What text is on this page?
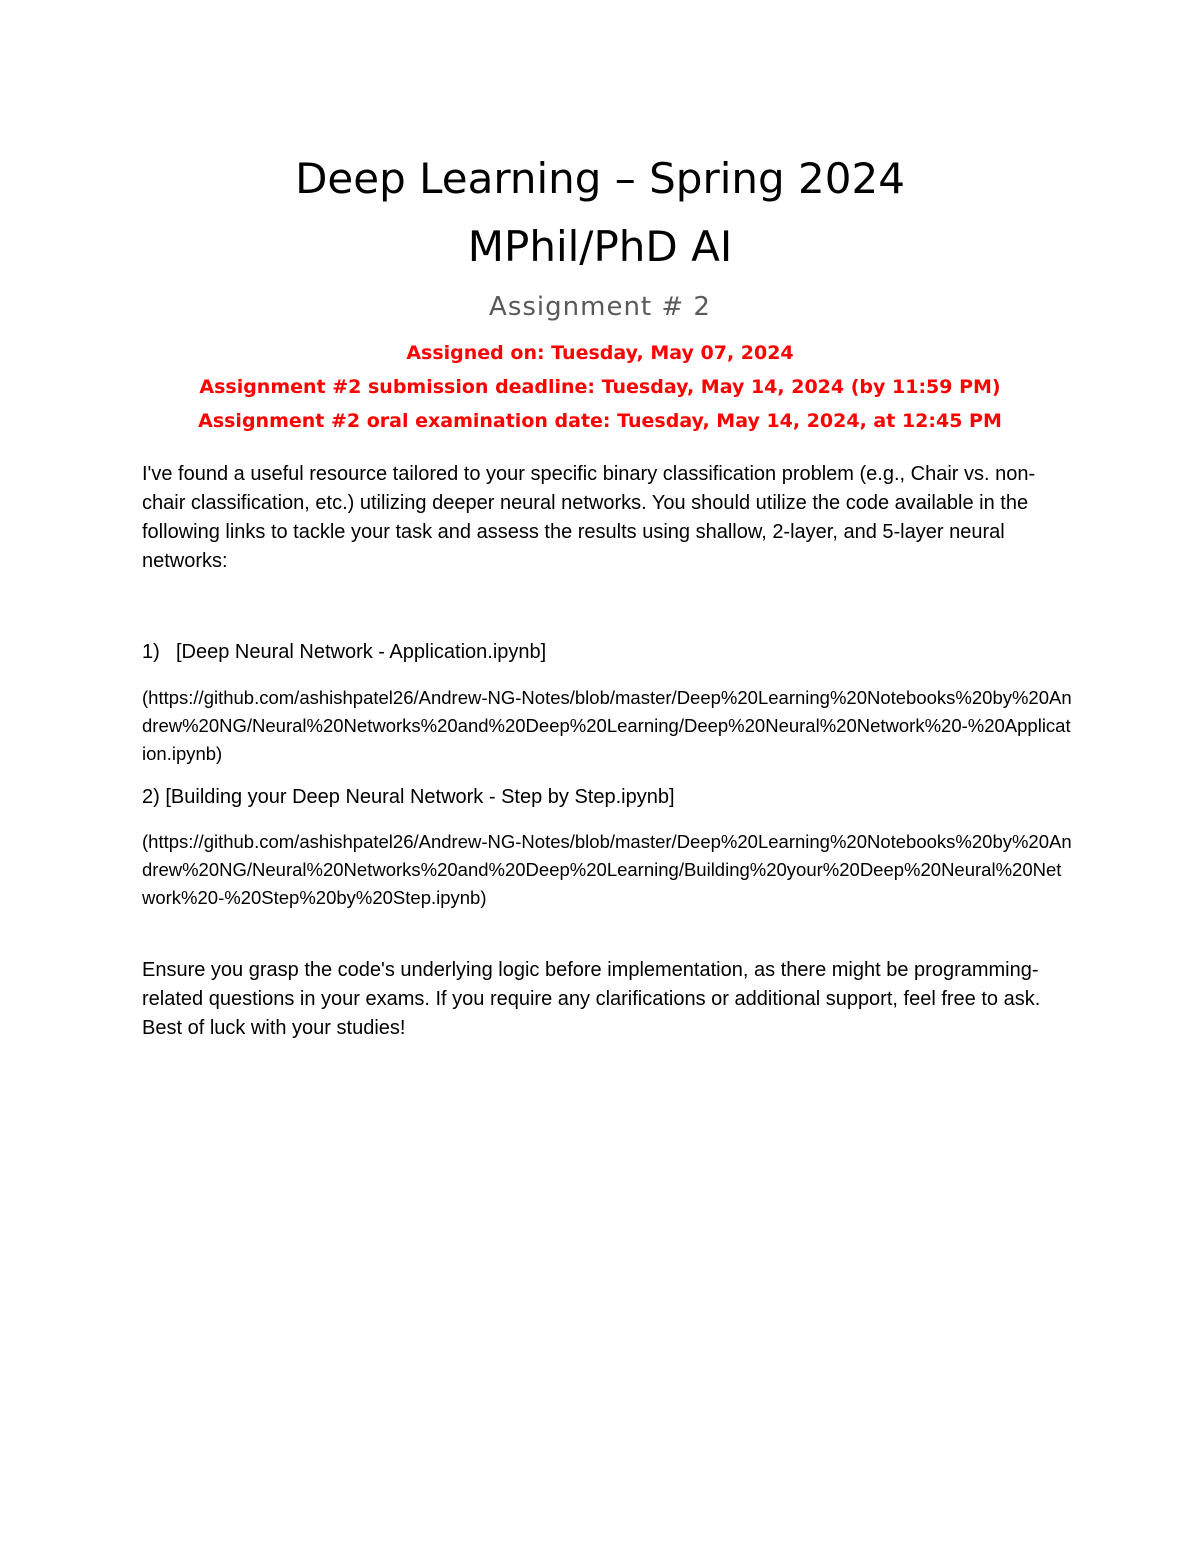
Deep Learning – Spring 2024
MPhil/PhD AI
Assignment # 2
Assigned on: Tuesday, May 07, 2024
Assignment #2 submission deadline: Tuesday, May 14, 2024 (by 11:59 PM)
Assignment #2 oral examination date: Tuesday, May 14, 2024, at 12:45 PM
I've found a useful resource tailored to your specific binary classification problem (e.g., Chair vs. non-chair classification, etc.) utilizing deeper neural networks. You should utilize the code available in the following links to tackle your task and assess the results using shallow, 2-layer, and 5-layer neural networks:
1) [Deep Neural Network - Application.ipynb]
(https://github.com/ashishpatel26/Andrew-NG-Notes/blob/master/Deep%20Learning%20Notebooks%20by%20Andrew%20NG/Neural%20Networks%20and%20Deep%20Learning/Deep%20Neural%20Network%20-%20Application.ipynb)
2) [Building your Deep Neural Network - Step by Step.ipynb]
(https://github.com/ashishpatel26/Andrew-NG-Notes/blob/master/Deep%20Learning%20Notebooks%20by%20Andrew%20NG/Neural%20Networks%20and%20Deep%20Learning/Building%20your%20Deep%20Neural%20Network%20-%20Step%20by%20Step.ipynb)
Ensure you grasp the code's underlying logic before implementation, as there might be programming-related questions in your exams. If you require any clarifications or additional support, feel free to ask. Best of luck with your studies!
